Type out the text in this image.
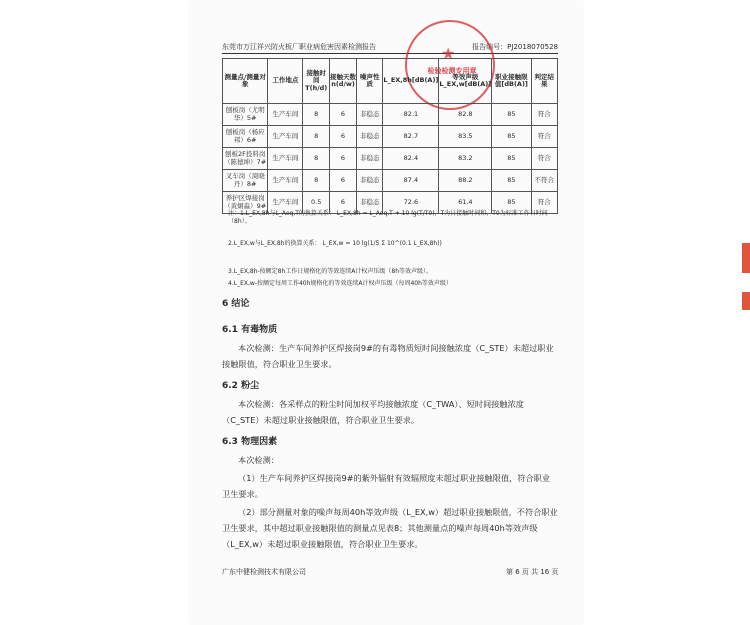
东莞市万江祥兴防火板厂职业病危害因素检测报告	报告编号：PJ2018070528
★
检验检测专用章
测量点/测量对象	工作地点	接触时间T(h/d)	接触天数n(d/w)	噪声性质	L_EX,8h[dB(A)]	等效声级L_EX,w[dB(A)]	职业接触限值[dB(A)]	判定结果
刨板岗（尤明华）5#	生产车间	8	6	非稳态	82.1	82.8	85	符合
刨板岗（杨应邦）6#	生产车间	8	6	非稳态	82.7	83.5	85	符合
刨板2F投料岗（陈德坤）7#	生产车间	8	6	非稳态	82.4	83.2	85	符合
叉车岗（周晓丹）8#	生产车间	8	6	非稳态	87.4	88.2	85	不符合
养护区焊接岗（黄炯淼）9#	生产车间	0.5	6	非稳态	72.6	61.4	85	符合
注：1.L_EX,8h与L_Aeq,T的换算关系： L_EX,8h = L_Aeq,T + 10 lg(T/T0)，T为日接触时间和，T0为标准工作日时间（8h）。
2.L_EX,w与L_EX,8h的换算关系： L_EX,w = 10 lg(1/5 Σ 10^(0.1 L_EX,8h))
3.L_EX,8h-按额定8h工作日规格化的等效连续A计权声压级（8h等效声级）。
4.L_EX,w-按额定每周工作40h规格化的等效连续A计权声压级（每周40h等效声级）
6 结论
6.1 有毒物质
本次检测：生产车间养护区焊接岗9#的有毒物质短时间接触浓度（C_STE）未超过职业接触限值，符合职业卫生要求。
6.2 粉尘
本次检测：各采样点的粉尘时间加权平均接触浓度（C_TWA）、短时间接触浓度（C_STE）未超过职业接触限值，符合职业卫生要求。
6.3 物理因素
本次检测：
（1）生产车间养护区焊接岗9#的紫外辐射有效辐照度未超过职业接触限值，符合职业卫生要求。
（2）部分测量对象的噪声每周40h等效声级（L_EX,w）超过职业接触限值，不符合职业卫生要求，其中超过职业接触限值的测量点见表8；其他测量点的噪声每周40h等效声级（L_EX,w）未超过职业接触限值，符合职业卫生要求。
广东中健检测技术有限公司	第 6 页 共 16 页
